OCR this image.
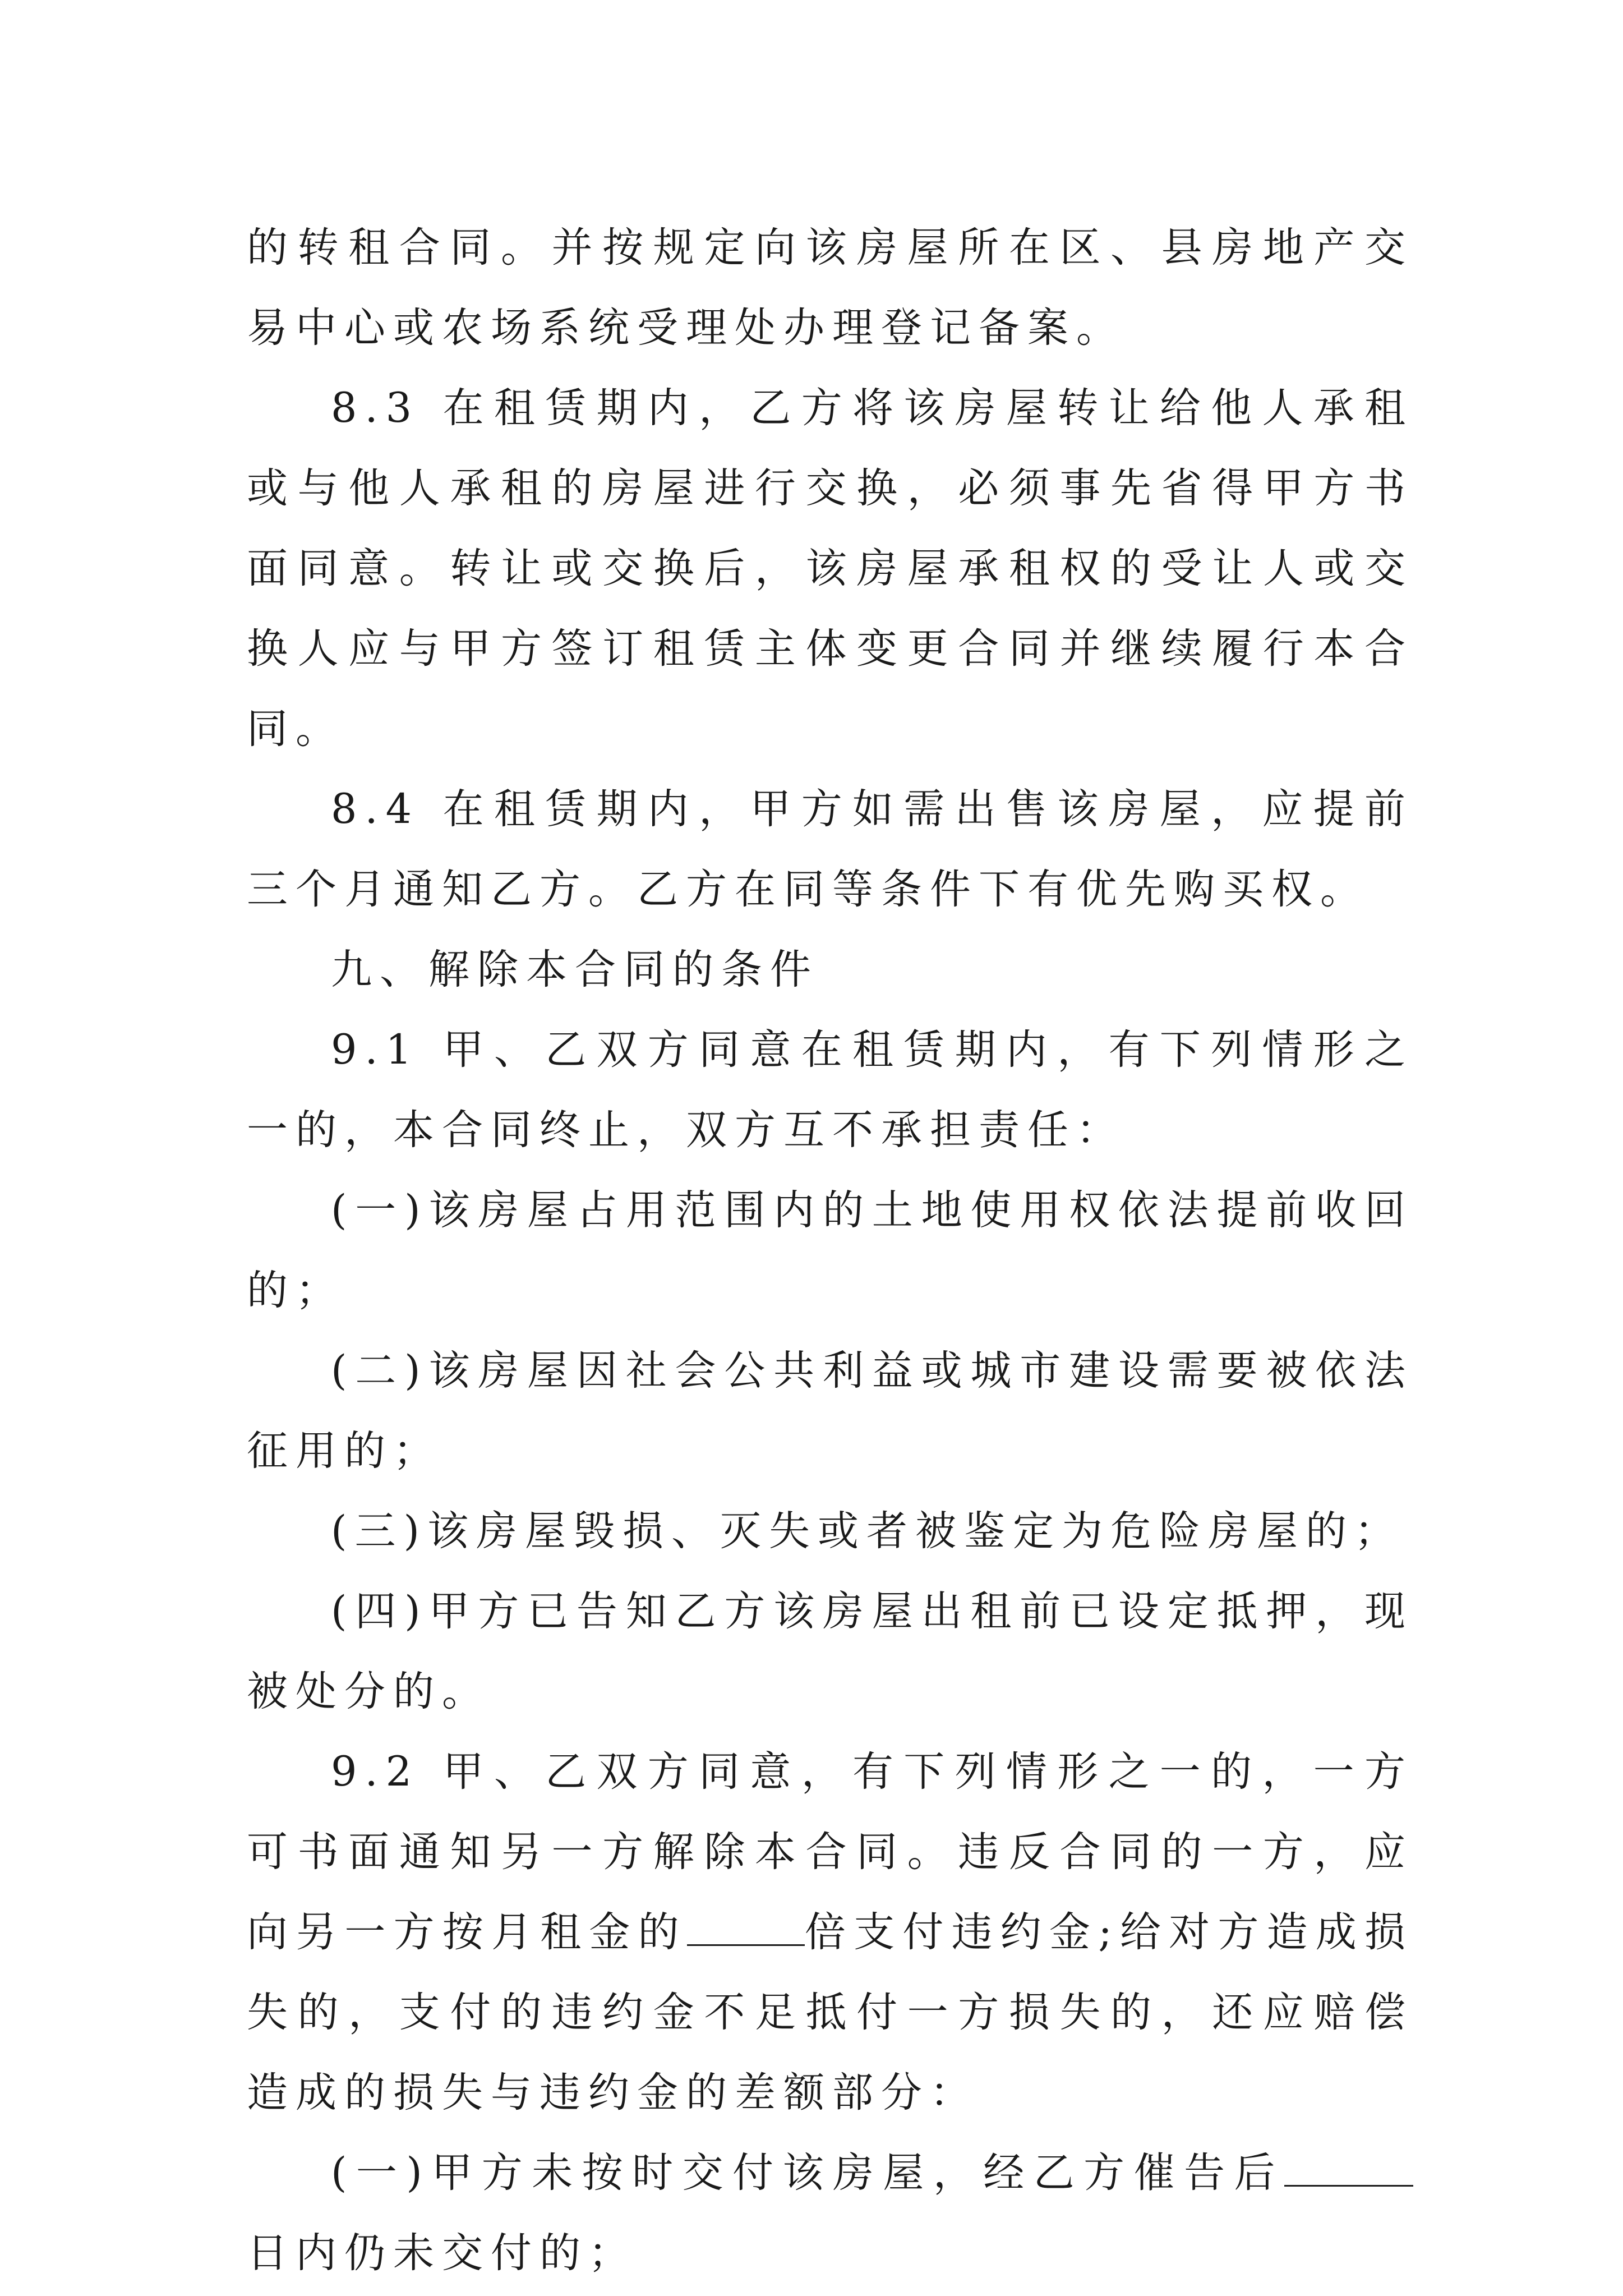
的转租合同。并按规定向该房屋所在区、县房地产交易中心或农场系统受理处办理登记备案。

8.3 在租赁期内，乙方将该房屋转让给他人承租或与他人承租的房屋进行交换，必须事先省得甲方书面同意。转让或交换后，该房屋承租权的受让人或交换人应与甲方签订租赁主体变更合同并继续履行本合同。

8.4 在租赁期内，甲方如需出售该房屋，应提前三个月通知乙方。乙方在同等条件下有优先购买权。

九、解除本合同的条件

9.1 甲、乙双方同意在租赁期内，有下列情形之一的，本合同终止，双方互不承担责任：

(一)该房屋占用范围内的土地使用权依法提前收回的；

(二)该房屋因社会公共利益或城市建设需要被依法征用的；

(三)该房屋毁损、灭失或者被鉴定为危险房屋的；

(四)甲方已告知乙方该房屋出租前已设定抵押，现被处分的。

9.2 甲、乙双方同意，有下列情形之一的，一方可书面通知另一方解除本合同。违反合同的一方，应向另一方按月租金的	倍支付违约金;给对方造成损失的，支付的违约金不足抵付一方损失的，还应赔偿造成的损失与违约金的差额部分：

(一)甲方未按时交付该房屋，经乙方催告后日内仍未交付的；
